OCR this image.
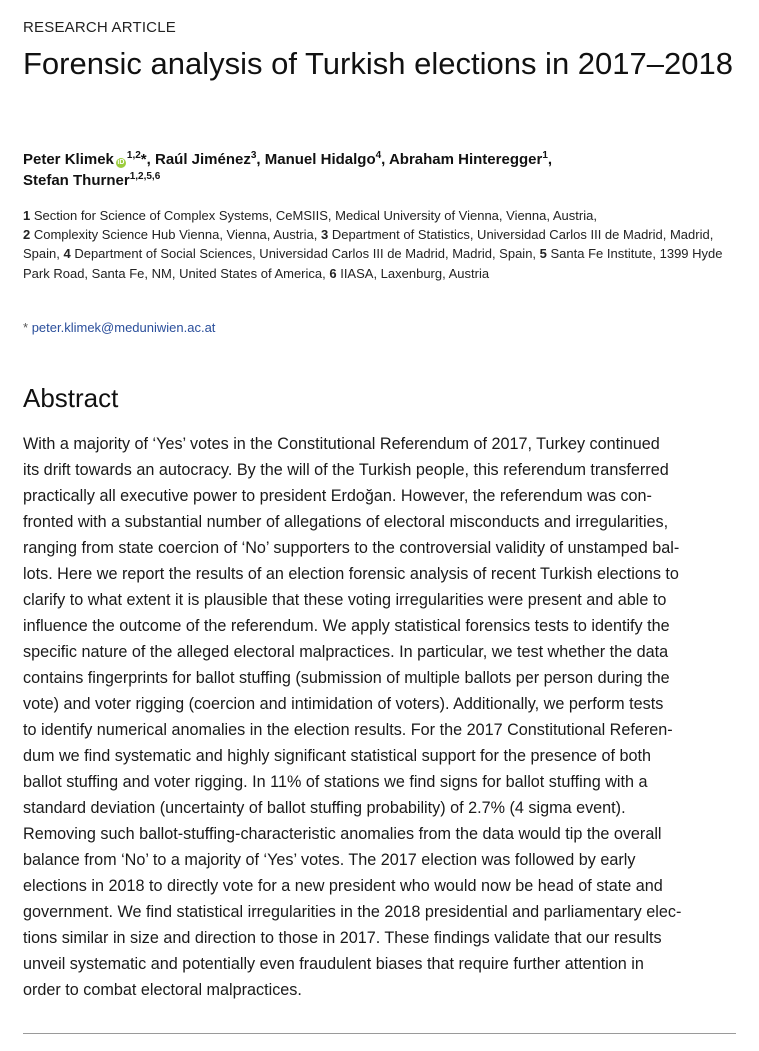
RESEARCH ARTICLE
Forensic analysis of Turkish elections in 2017–2018
Peter Klimek iD$^{1,2}$*, Raúl Jiménez$^3$, Manuel Hidalgo$^4$, Abraham Hinteregger$^1$,
Stefan Thurner$^{1,2,5,6}$
1 Section for Science of Complex Systems, CeMSIIS, Medical University of Vienna, Vienna, Austria,
2 Complexity Science Hub Vienna, Vienna, Austria, 3 Department of Statistics, Universidad Carlos III de Madrid, Madrid, Spain, 4 Department of Social Sciences, Universidad Carlos III de Madrid, Madrid, Spain, 5 Santa Fe Institute, 1399 Hyde Park Road, Santa Fe, NM, United States of America, 6 IIASA, Laxenburg, Austria
* peter.klimek@meduniwien.ac.at
Abstract

With a majority of ‘Yes’ votes in the Constitutional Referendum of 2017, Turkey continued
its drift towards an autocracy. By the will of the Turkish people, this referendum transferred
practically all executive power to president Erdoğan. However, the referendum was con-
fronted with a substantial number of allegations of electoral misconducts and irregularities,
ranging from state coercion of ‘No’ supporters to the controversial validity of unstamped bal-
lots. Here we report the results of an election forensic analysis of recent Turkish elections to
clarify to what extent it is plausible that these voting irregularities were present and able to
influence the outcome of the referendum. We apply statistical forensics tests to identify the
specific nature of the alleged electoral malpractices. In particular, we test whether the data
contains fingerprints for ballot stuffing (submission of multiple ballots per person during the
vote) and voter rigging (coercion and intimidation of voters). Additionally, we perform tests
to identify numerical anomalies in the election results. For the 2017 Constitutional Referen-
dum we find systematic and highly significant statistical support for the presence of both
ballot stuffing and voter rigging. In 11% of stations we find signs for ballot stuffing with a
standard deviation (uncertainty of ballot stuffing probability) of 2.7% (4 sigma event).
Removing such ballot-stuffing-characteristic anomalies from the data would tip the overall
balance from ‘No’ to a majority of ‘Yes’ votes. The 2017 election was followed by early
elections in 2018 to directly vote for a new president who would now be head of state and
government. We find statistical irregularities in the 2018 presidential and parliamentary elec-
tions similar in size and direction to those in 2017. These findings validate that our results
unveil systematic and potentially even fraudulent biases that require further attention in
order to combat electoral malpractices.
